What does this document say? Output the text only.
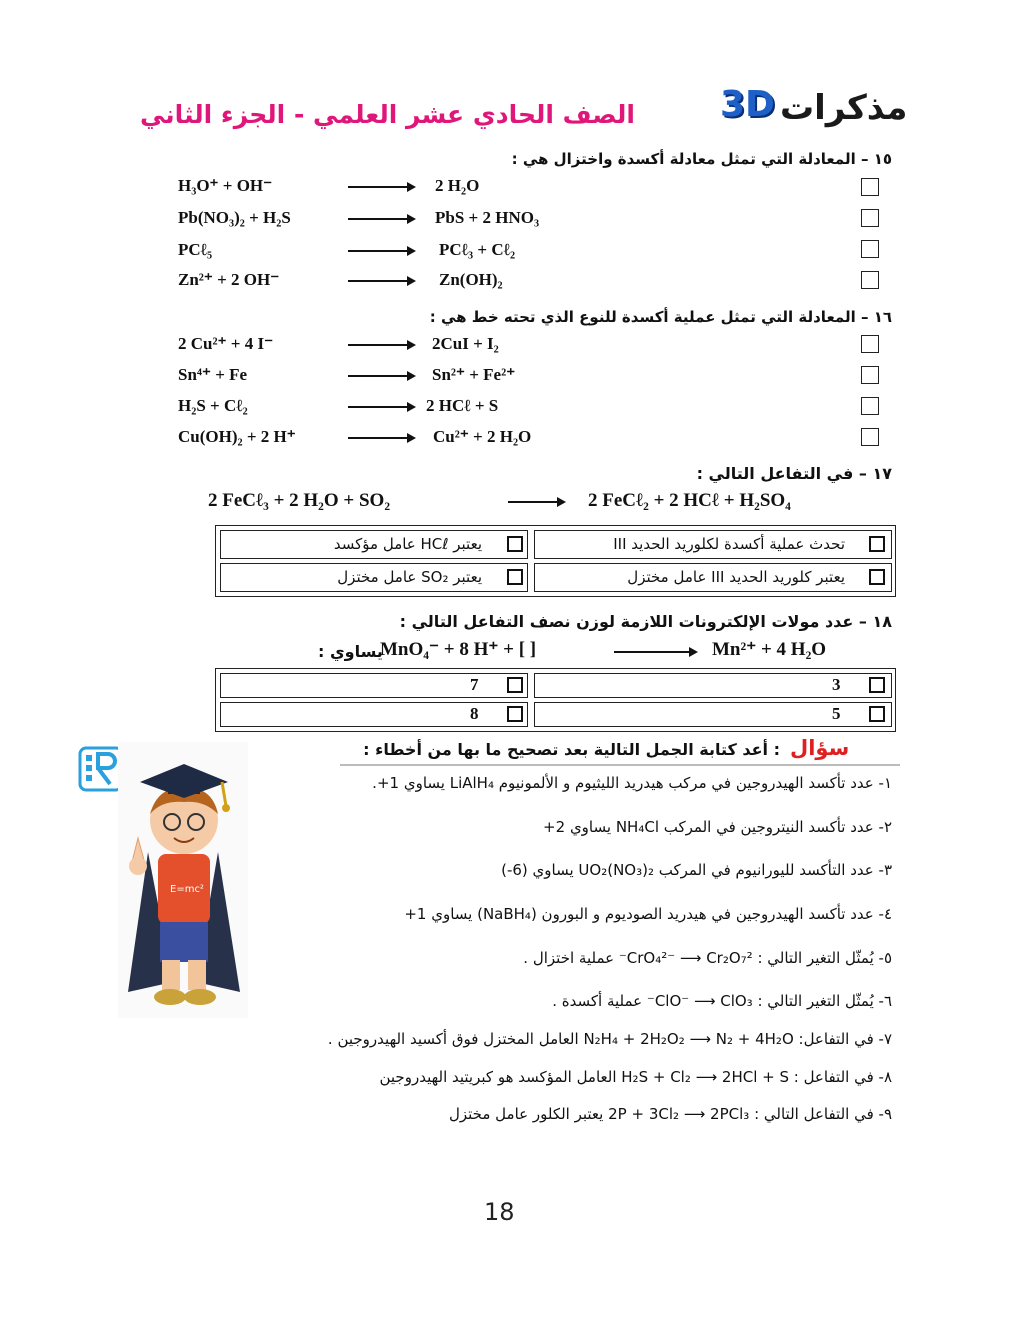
الصف الحادي عشر العلمي - الجزء الثاني 3D مذكرات
١٥ – المعادلة التي تمثل معادلة أكسدة واختزال هي :
H₃O⁺ + OH⁻	2 H₂O
Pb(NO₃)₂ + H₂S	PbS + 2 HNO₃
PCℓ₅	PCℓ₃ + Cℓ₂
Zn²⁺ + 2 OH⁻	Zn(OH)₂
١٦ – المعادلة التي تمثل عملية أكسدة للنوع الذي تحته خط هي :
2 Cu²⁺ + 4 I⁻	2CuI + I₂
Sn⁴⁺ + Fe	Sn²⁺ + Fe²⁺
H₂S + Cℓ₂	2 HCℓ + S
Cu(OH)₂ + 2 H⁺	Cu²⁺ + 2 H₂O
١٧ – في التفاعل التالي :
2 FeCℓ₃ + 2 H₂O + SO₂	2 FeCℓ₂ + 2 HCℓ + H₂SO₄
تحدث عملية أكسدة لكلوريد الحديد III
يعتبر HCℓ عامل مؤكسد
يعتبر كلوريد الحديد III عامل مختزل
يعتبر SO₂ عامل مختزل
١٨ – عدد مولات الإلكترونات اللازمة لوزن نصف التفاعل التالي :
يساوي :
MnO₄⁻ + 8 H⁺ + [ ]	Mn²⁺ + 4 H₂O
3
7
5
8
سؤال
: أعد كتابة الجمل التالية بعد تصحيح ما بها من أخطاء :
E=mc²
١- عدد تأكسد الهيدروجين في مركب هيدريد الليثيوم و الألمونيوم LiAlH₄ يساوي ‎+1.
٢- عدد تأكسد النيتروجين في المركب NH₄Cl يساوي ‎+2
٣- عدد التأكسد لليورانيوم في المركب UO₂(NO₃)₂ يساوي (‎-6)
٤- عدد تأكسد الهيدروجين في هيدريد الصوديوم و البورون (NaBH₄) يساوي ‎+1
٥- يُمثّل التغير التالي : CrO₄²⁻ ⟶ Cr₂O₇²⁻ عملية اختزال .
٦- يُمثّل التغير التالي : ClO⁻ ⟶ ClO₃⁻ عملية أكسدة .
٧- في التفاعل: N₂H₄ + 2H₂O₂ ⟶ N₂ + 4H₂O العامل المختزل فوق أكسيد الهيدروجين .
٨- في التفاعل : H₂S + Cl₂ ⟶ 2HCl + S العامل المؤكسد هو كبريتيد الهيدروجين
٩- في التفاعل التالي : 2P + 3Cl₂ ⟶ 2PCl₃ يعتبر الكلور عامل مختزل
18
